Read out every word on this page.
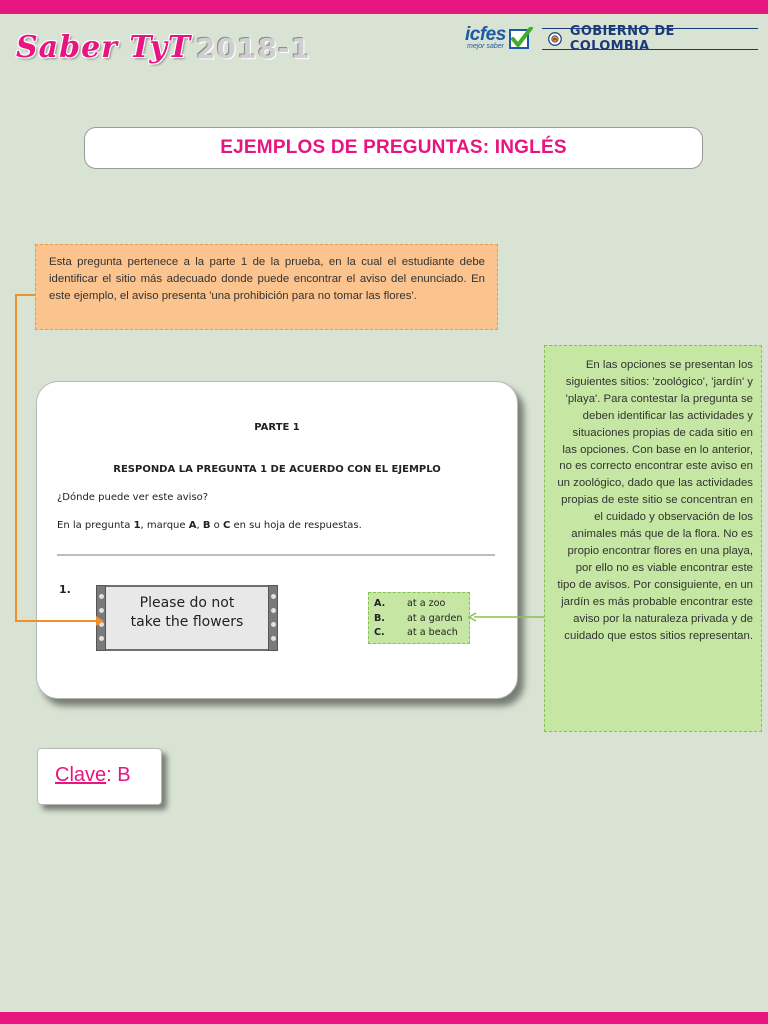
Saber TyT 2018-1	icfes
mejor saber
GOBIERNO DE COLOMBIA
EJEMPLOS DE PREGUNTAS: INGLÉS
Esta pregunta pertenece a la parte 1 de la prueba, en la cual el estudiante debe identificar el sitio más adecuado donde puede encontrar el aviso del enunciado. En este ejemplo, el aviso presenta 'una prohibición para no tomar las flores'.
En las opciones se presentan los siguientes sitios: 'zoológico', 'jardín' y 'playa'. Para contestar la pregunta se deben identificar las actividades y situaciones propias de cada sitio en las opciones. Con base en lo anterior, no es correcto encontrar este aviso en un zoológico, dado que las actividades propias de este sitio se concentran en el cuidado y observación de los animales más que de la flora. No es propio encontrar flores en una playa, por ello no es viable encontrar este tipo de avisos. Por consiguiente, en un jardín es más probable encontrar este aviso por la naturaleza privada y de cuidado que estos sitios representan.
PARTE 1
RESPONDA LA PREGUNTA 1 DE ACUERDO CON EL EJEMPLO
¿Dónde puede ver este aviso?
En la pregunta 1, marque A, B o C en su hoja de respuestas.
1.
Please do not
take the flowers
A.	at a zoo
B.	at a garden
C.	at a beach
Clave: B
